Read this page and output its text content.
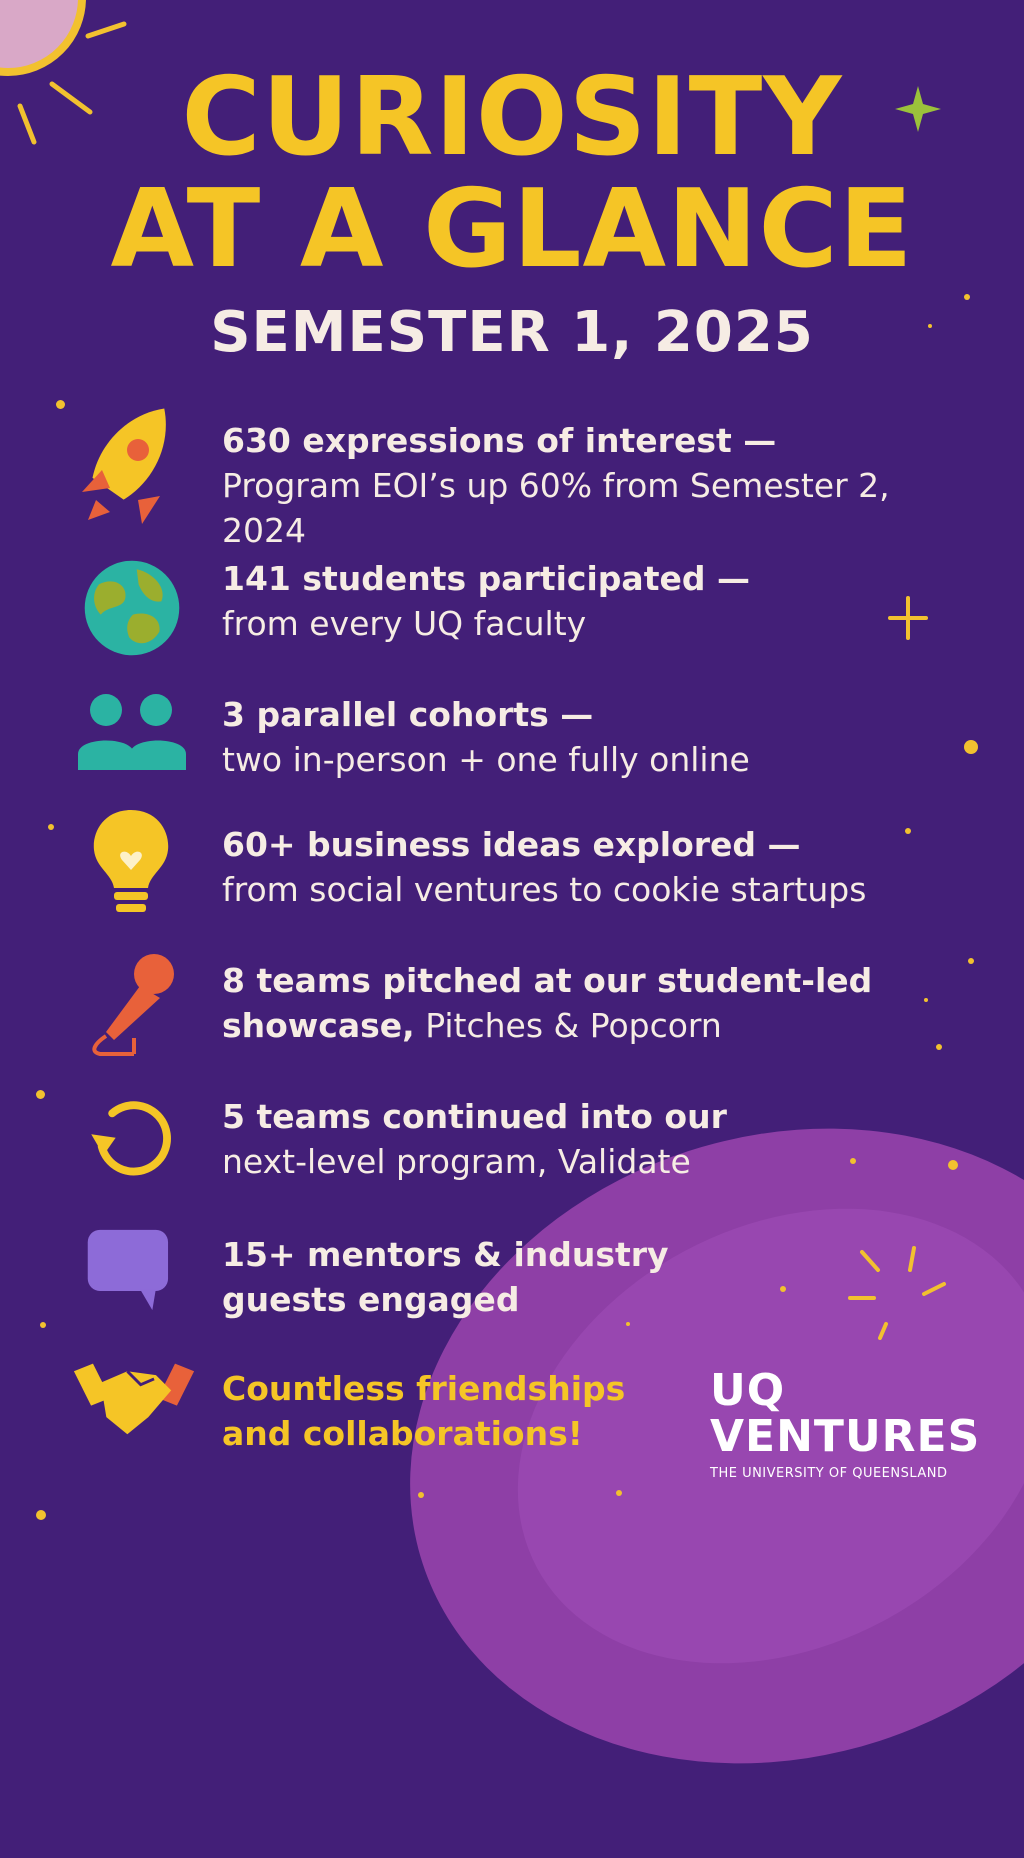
CURIOSITY
AT A GLANCE
SEMESTER 1, 2025
630 expressions of interest —
Program EOI’s up 60% from Semester 2, 2024
141 students participated —
from every UQ faculty
3 parallel cohorts —
two in-person + one fully online
60+ business ideas explored —
from social ventures to cookie startups
8 teams pitched at our student-led
showcase, Pitches & Popcorn
5 teams continued into our
next-level program, Validate
15+ mentors & industry
guests engaged
Countless friendships
and collaborations!
UQ
VENTURES
THE UNIVERSITY OF QUEENSLAND
